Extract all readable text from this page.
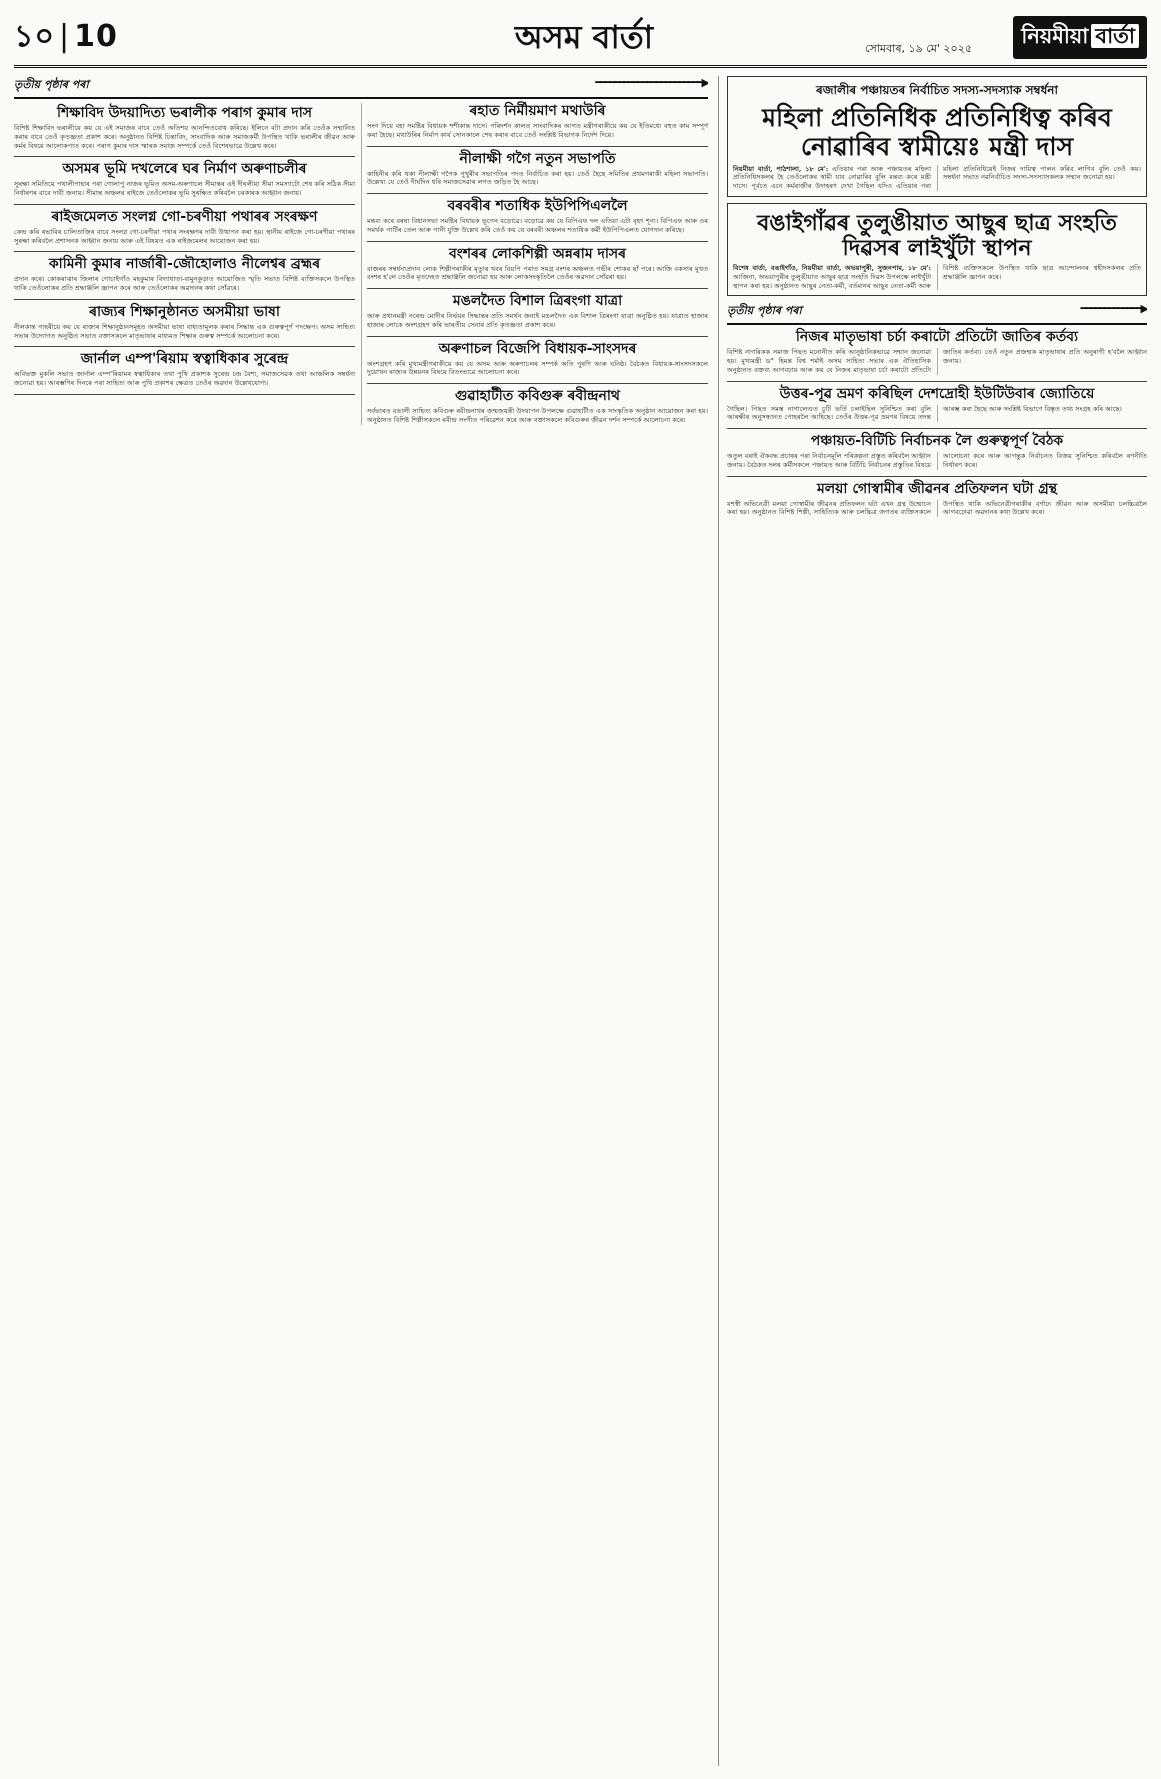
১০ | 10	অসম বাৰ্তা	সোমবাৰ, ১৯ মে' ২০২৫
নিয়মীয়া বাৰ্তা
তৃতীয় পৃষ্ঠাৰ পৰা	━━━━━━━━━━━━━━━━━━━━━━━▶
শিক্ষাবিদ উদয়াদিত্য ভৰালীক পৰাগ কুমাৰ দাস
বিশিষ্ট শিক্ষাবিদ ভৰালীয়ে কয় যে এই সমাজৰ বাবে তেওঁ অতিশয় আনন্দিতবোধ কৰিছে। ইলিনে বটা প্ৰদান কৰি তেওঁক সম্মানিত কৰাৰ বাবে তেওঁ কৃতজ্ঞতা প্ৰকাশ কৰে। অনুষ্ঠানত বিশিষ্ট চিন্তাবিদ, সাংবাদিক আৰু সমাজকৰ্মী উপস্থিত থাকি ভৰালীৰ জীৱন আৰু কৰ্মৰ বিষয়ে আলোকপাত কৰে। পৰাগ কুমাৰ দাস স্মাৰক সমাজ সম্পৰ্কে তেওঁ বিশেষভাৱে উল্লেখ কৰে।
অসমৰ ভূমি দখলেৰে ঘৰ নিৰ্মাণ অৰুণাচলীৰ
সুৰক্ষা সমিতিয়ে পথালীপাহাৰ পৰা গোলাপু নাজৰ ভূমিত অসম-অৰুণাচল সীমান্তৰ এই দীঘলীয়া সীমা সমস্যাটো শেষ কৰি সঠিক সীমা নিৰ্ধাৰণৰ বাবে দাবী জনায়। সীমান্ত অঞ্চলৰ ৰাইজে তেওঁলোকৰ ভূমি সুৰক্ষিত কৰিবলৈ চৰকাৰক আহ্বান জনায়।
ৰাইজমেলত সংলগ্ন গো-চৰণীয়া পথাৰৰ সংৰক্ষণ
কেন্দ্ৰ কৰি ৰভাবিৰ চালিতাজিৰ বাবে সংলগ্ন গো-চৰণীয়া পথাৰ সংৰক্ষণৰ দাবী উত্থাপন কৰা হয়। স্থানীয় ৰাইজে গো-চৰণীয়া পথাৰৰ সুৰক্ষা কৰিবলৈ প্ৰশাসনক আহ্বান জনায় আৰু এই বিষয়ত এক ৰাইজমেলৰ আয়োজন কৰা হয়।
কামিনী কুমাৰ নাৰ্জাৰী-জৌহোলাও নীলেশ্বৰ ব্ৰহ্মৰ
প্ৰদান কৰে। কোকৰাঝাৰ জিলাৰ গোচাইগাঁও মহকুমাৰ বিদ্যাধাতা-বামুনকুড়াত আয়োজিত স্মৃতি সভাত বিশিষ্ট ব্যক্তিসকলে উপস্থিত থাকি তেওঁলোকৰ প্ৰতি শ্ৰদ্ধাঞ্জলি জ্ঞাপন কৰে আৰু তেওঁলোকৰ অৱদানৰ কথা সোঁৱৰে।
ৰাজ্যৰ শিক্ষানুষ্ঠানত অসমীয়া ভাষা
নীলকান্ত গ্যহৰীয়ে কয় যে ৰাজ্যৰ শিক্ষানুষ্ঠানসমূহত অসমীয়া ভাষা বাধ্যতামূলক কৰাৰ সিদ্ধান্ত এক গুৰুত্বপূৰ্ণ পদক্ষেপ। অসম সাহিত্য সভাৰ উদ্যোগত অনুষ্ঠিত সভাত বক্তাসকলে মাতৃভাষাৰ মাধ্যমত শিক্ষাৰ গুৰুত্ব সম্পৰ্কে আলোচনা কৰে।
জাৰ্নাল এম্প'ৰিয়াম স্বত্বাধিকাৰ সুৰেন্দ্ৰ
অবিভক্ত মুকলি সভাত জাৰ্নাল এম্প'ৰিয়ামৰ স্বত্বাধিকাৰ তথা পুথি প্ৰকাশক সুৰেন্দ্ৰ চন্দ্ৰ বৈশ্য, সমাজসেৱক তথা আঞ্চলিক সম্বৰ্ধনা জনোৱা হয়। আৰম্ভণিৰ দিনৰে পৰা সাহিত্য আৰু পুথি প্ৰকাশৰ ক্ষেত্ৰত তেওঁৰ অৱদান উল্লেখযোগ্য।
ৰহাত নিৰ্মীয়মাণ মথাউৰি
সংগ দিয়ে বহা সমষ্টিৰ বিধায়ক শশীকান্ত দাসে। পৰিদৰ্শন কালত সাংবাদিকৰ আগত মন্ত্ৰীগৰাকীয়ে কয় যে ইতিমধ্যে বহুত কাম সম্পূৰ্ণ কৰা হৈছে। মথাউৰিৰ নিৰ্মাণ কাৰ্য সোনকালে শেষ কৰাৰ বাবে তেওঁ সংশ্লিষ্ট বিভাগক নিৰ্দেশ দিয়ে।
নীলাক্ষী গগৈ নতুন সভাপতি
কাহিনীৰ কৰি থকা নীলাক্ষী গগৈক পুখুৰীৰ সভাপতিৰ পদত নিৰ্বাচিত কৰা হয়। তেওঁ হৈছে সমিতিৰ প্ৰথমগৰাকী মহিলা সভাপতি। উল্লেখ্য যে তেওঁ দীৰ্ঘদিন ধৰি সমাজসেৱাৰ লগত জড়িত হৈ আছে।
বৰবৰীৰ শতাধিক ইউপিপিএললৈ
মন্তব্য কৰে বৰষা বিধানসভা সমষ্টিৰ বিধায়ক ভূপেন বড়োৱে। বড়োৱে কয় যে বিপিএফ দল এতিয়া এটা বৃহৎ শূন্য। বিপিএফ আৰু ওৰ সমৰ্থক পাৰ্টিৰ তেল আৰু পানী যুক্তি উল্লেখ কৰি তেওঁ কয় যে বৰবৰী অঞ্চলৰ শতাধিক কৰ্মী ইউপিপিএলত যোগদান কৰিছে।
বংশৰৰ লোকশিল্পী অন্নৰাম দাসৰ
বাজৰৰ সম্বৰ্ধনাপ্ৰদান লোক শিল্পীগৰাকীৰ মৃত্যুৰ খবৰ বিয়পি পৰাত সমগ্ৰ বংশৰ অঞ্চলত গভীৰ শোকৰ ছাঁ পৰে। আজি বকসাৰ মুখত বংশৰ হ'লে তেওঁৰ মৃতদেহত শ্ৰদ্ধাঞ্জলি জনোৱা হয় আৰু লোকসংস্কৃতিলৈ তেওঁৰ অৱদান সোঁৱৰা হয়।
মঙলদৈত বিশাল ত্ৰিৰংগা যাত্ৰা
আৰু প্ৰধানমন্ত্ৰী নৰেন্দ্ৰ মোদীৰ নিৰ্ভয়ৰ সিদ্ধান্তৰ প্ৰতি সমৰ্থন জনাই মঙলদৈত এক বিশাল ত্ৰিৰংগা যাত্ৰা অনুষ্ঠিত হয়। যাত্ৰাত হাজাৰ হাজাৰ লোকে অংশগ্ৰহণ কৰি ভাৰতীয় সেনাৰ প্ৰতি কৃতজ্ঞতা প্ৰকাশ কৰে।
অৰুণাচল বিজেপি বিধায়ক-সাংসদৰ
অংশগ্ৰহণ কৰি মুখ্যমন্ত্ৰীগৰাকীয়ে কয় যে অসম আৰু অৰুণাচলৰ সম্পৰ্ক অতি পুৰণি আৰু ঘনিষ্ঠ। বৈঠকত বিধায়ক-সাংসদসকলে দুয়োখন ৰাজ্যৰ উন্নয়নৰ বিষয়ে বিতংভাৱে আলোচনা কৰে।
গুৱাহাটীত কবিগুৰু ৰবীন্দ্ৰনাথ
সৰ্বভাৰত বঙালী সাহিত্য কবিগুৰু ৰবীন্দ্ৰনাথৰ জন্মজয়ন্তী উদযাপন উপলক্ষে গুৱাহাটীত এক সাংস্কৃতিক অনুষ্ঠান আয়োজন কৰা হয়। অনুষ্ঠানত বিশিষ্ট শিল্পীসকলে ৰবীন্দ্ৰ সংগীত পৰিৱেশন কৰে আৰু বক্তাসকলে কবিগুৰুৰ জীৱন দৰ্শন সম্পৰ্কে আলোচনা কৰে।
ৰজালীৰ পঞ্চায়তৰ নিৰ্বাচিত সদস্য-সদস্যাক সম্বৰ্ধনা
মহিলা প্ৰতিনিধিক প্ৰতিনিধিত্ব কৰিব নোৱাৰিব স্বামীয়েঃ মন্ত্ৰী দাস
নিয়মীয়া বাৰ্তা, পাঠশালা, ১৮ মে': এতিয়াৰ পৰা আৰু পঞ্চায়তৰ মহিলা প্ৰতিনিধিসকলৰ হৈ তেওঁলোকৰ স্বামী যাব নোৱাৰিব বুলি মন্তব্য কৰে মন্ত্ৰী দাসে। পূৰ্বতে এনে কৰ্মৰাজীৰ উদাহৰণ দেখা গৈছিল যদিও এতিয়াৰ পৰা মহিলা প্ৰতিনিধিয়েই নিজৰ দায়িত্ব পালন কৰিব লাগিব বুলি তেওঁ কয়। সম্বৰ্ধনা সভাত নৱনিৰ্বাচিত সদস্য-সদস্যাসকলক সম্মান জনোৱা হয়।
বঙাইগাঁৱৰ তুলুঙীয়াত আছুৰ ছাত্ৰ সংহতি দিৱসৰ লাইখুঁটা স্থাপন
বিশেষ বাৰ্তা, বঙাইগাঁও, নিয়মীয়া বাৰ্তা, অভয়াপুৰী, সুজনপাম, ১৮ মে': আজিনা, অভয়াপুৰীৰ তুলুঙীয়াত আছুৰ ছাত্ৰ সংহতি দিৱস উপলক্ষে লাইখুঁটা স্থাপন কৰা হয়। অনুষ্ঠানত আছুৰ নেতা-কৰ্মী, বৰ্তমানৰ আছুৰ নেতা-কৰ্মী আৰু বিশিষ্ট ব্যক্তিসকলে উপস্থিত থাকি ছাত্ৰ আন্দোলনৰ শ্বহীদসকলৰ প্ৰতি শ্ৰদ্ধাঞ্জলি জ্ঞাপন কৰে।
তৃতীয় পৃষ্ঠাৰ পৰা	━━━━━━━━━━━━━▶
নিজৰ মাতৃভাষা চৰ্চা কৰাটো প্ৰতিটো জাতিৰ কৰ্তব্য
বিশিষ্ট নাগৰিকক সমাজ পিছত মনোনীত কৰি আনুষ্ঠানিকভাৱে সন্মান জনোৱা হয়। মুখ্যমন্ত্ৰী ড° হিমন্ত বিশ্ব শৰ্মাই অসম সাহিত্য সভাৰ এক ঐতিহাসিক অনুষ্ঠানত বক্তব্য আগবঢ়ায় আৰু কয় যে নিজৰ মাতৃভাষা চৰ্চা কৰাটো প্ৰতিটো জাতিৰ কৰ্তব্য। তেওঁ নতুন প্ৰজন্মক মাতৃভাষাৰ প্ৰতি অনুৰাগী হ'বলৈ আহ্বান জনায়।
উত্তৰ-পূৱ ভ্ৰমণ কৰিছিল দেশদ্ৰোহী ইউটিউবাৰ জ্যোতিয়ে
গৈছিল। পিছত সমস্ত নাগালেণ্ডত চুটি ভৰ্তি চলাইছিল সুনিশ্চিত কৰা বুলি আৰক্ষীৰ অনুসন্ধানত পোহৰলৈ আহিছে। তেওঁৰ উত্তৰ-পূৱ ভ্ৰমণৰ বিষয়ে তদন্ত আৰম্ভ কৰা হৈছে আৰু সংশ্লিষ্ট বিভাগে বিস্তৃত তথ্য সংগ্ৰহ কৰি আছে।
পঞ্চায়ত-বিটিচি নিৰ্বাচনক লৈ গুৰুত্বপূৰ্ণ বৈঠক
অতুল বৰাই ঐকবদ্ধ প্ৰচাৰৰ পৰা নিৰ্বাচনমূলি পৰিকল্পনা প্ৰস্তুত কৰিবলৈ আহ্বান জনায়। বৈঠকত দলৰ কৰ্মীসকলে পঞ্চায়ত আৰু বিটিচি নিৰ্বাচনৰ প্ৰস্তুতিৰ বিষয়ে আলোচনা কৰে আৰু আগন্তুক নিৰ্বাচনত বিজয় সুনিশ্চিত কৰিবলৈ ৰণনীতি নিৰ্ধাৰণ কৰে।
মলয়া গোস্বামীৰ জীৱনৰ প্ৰতিফলন ঘটা গ্ৰন্থ
যশস্বী অভিনেত্ৰী মলয়া গোস্বামীৰ জীৱনৰ প্ৰতিফলন ঘটা এখন গ্ৰন্থ উন্মোচন কৰা হয়। অনুষ্ঠানত বিশিষ্ট শিল্পী, সাহিত্যিক আৰু চলচ্চিত্ৰ জগতৰ ব্যক্তিসকলে উপস্থিত থাকি অভিনেত্ৰীগৰাকীৰ বৰ্ণাঢ্য জীৱন আৰু অসমীয়া চলচ্চিত্ৰলৈ আগবঢ়োৱা অৱদানৰ কথা উল্লেখ কৰে।
